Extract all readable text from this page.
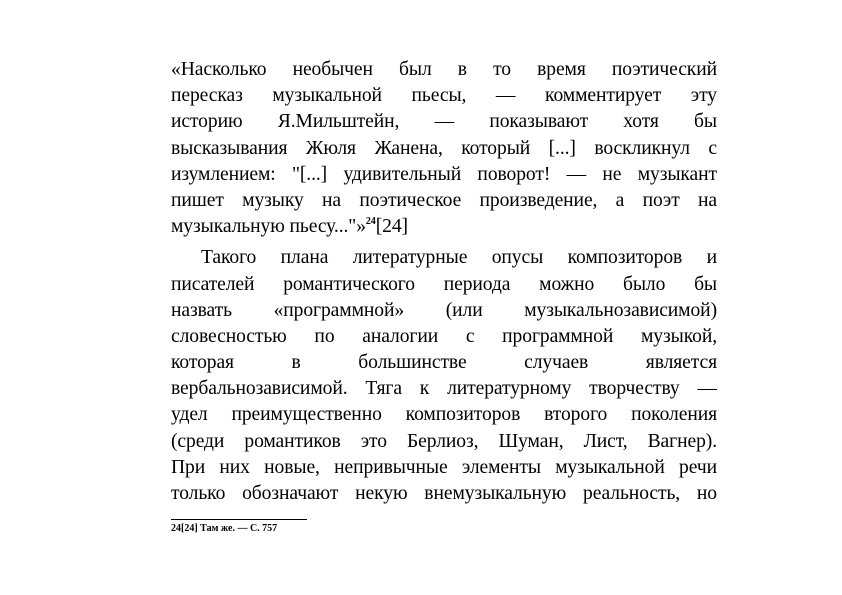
«Насколько необычен был в то время поэтический
пересказ музыкальной пьесы, — комментирует эту
историю Я.Мильштейн, — показывают хотя бы
высказывания Жюля Жанена, который [...] воскликнул с
изумлением: "[...] удивительный поворот! — не музыкант
пишет музыку на поэтическое произведение, а поэт на
музыкальную пьесу..."»$^{24}$[24]
Такого плана литературные опусы композиторов и
писателей романтического периода можно было бы
назвать «программной» (или музыкальнозависимой)
словесностью по аналогии с программной музыкой,
которая в большинстве случаев является
вербальнозависимой. Тяга к литературному творчеству —
удел преимущественно композиторов второго поколения
(среди романтиков это Берлиоз, Шуман, Лист, Вагнер).
При них новые, непривычные элементы музыкальной речи
только обозначают некую внемузыкальную реальность, но
24[24] Там же. — С. 757
